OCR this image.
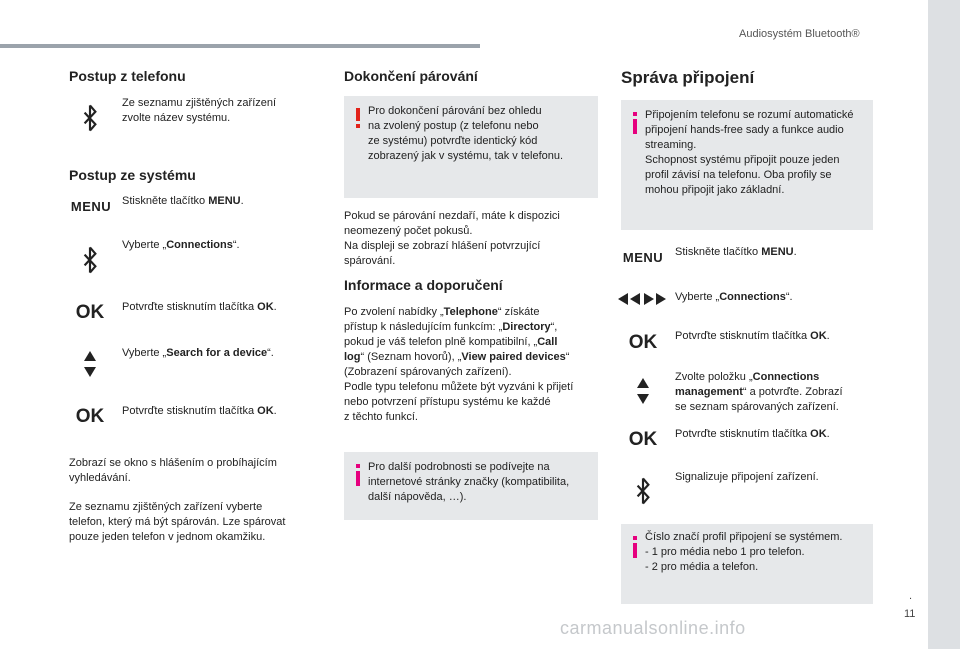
Audiosystém Bluetooth®
.
11
Postup z telefonu
Ze seznamu zjištěných zařízení
zvolte název systému.
Postup ze systému
MENU Stiskněte tlačítko MENU.
Vyberte „Connections“.
OK	Potvrďte stisknutím tlačítka OK.
Vyberte „Search for a device“.
OK	Potvrďte stisknutím tlačítka OK.
Zobrazí se okno s hlášením o probíhajícím
vyhledávání.
Ze seznamu zjištěných zařízení vyberte
telefon, který má být spárován. Lze spárovat
pouze jeden telefon v jednom okamžiku.
Dokončení párování
Pro dokončení párování bez ohledu
na zvolený postup (z telefonu nebo
ze systému) potvrďte identický kód
zobrazený jak v systému, tak v telefonu.
Pokud se párování nezdaří, máte k dispozici
neomezený počet pokusů.
Na displeji se zobrazí hlášení potvrzující
spárování.
Informace a doporučení
Po zvolení nabídky „Telephone“ získáte
přístup k následujícím funkcím: „Directory“,
pokud je váš telefon plně kompatibilní, „Call
log“ (Seznam hovorů), „View paired devices“
(Zobrazení spárovaných zařízení).
Podle typu telefonu můžete být vyzváni k přijetí
nebo potvrzení přístupu systému ke každé
z těchto funkcí.
Pro další podrobnosti se podívejte na
internetové stránky značky (kompatibilita,
další nápověda, …).
Správa připojení
Připojením telefonu se rozumí automatické
připojení hands-free sady a funkce audio
streaming.
Schopnost systému připojit pouze jeden
profil závisí na telefonu. Oba profily se
mohou připojit jako základní.
MENU Stiskněte tlačítko MENU.
Vyberte „Connections“.
OK	Potvrďte stisknutím tlačítka OK.
Zvolte položku „Connections
management“ a potvrďte. Zobrazí
se seznam spárovaných zařízení.
OK	Potvrďte stisknutím tlačítka OK.
Signalizuje připojení zařízení.
Číslo značí profil připojení se systémem.
- 1 pro média nebo 1 pro telefon.
- 2 pro média a telefon.
carmanualsonline.info
